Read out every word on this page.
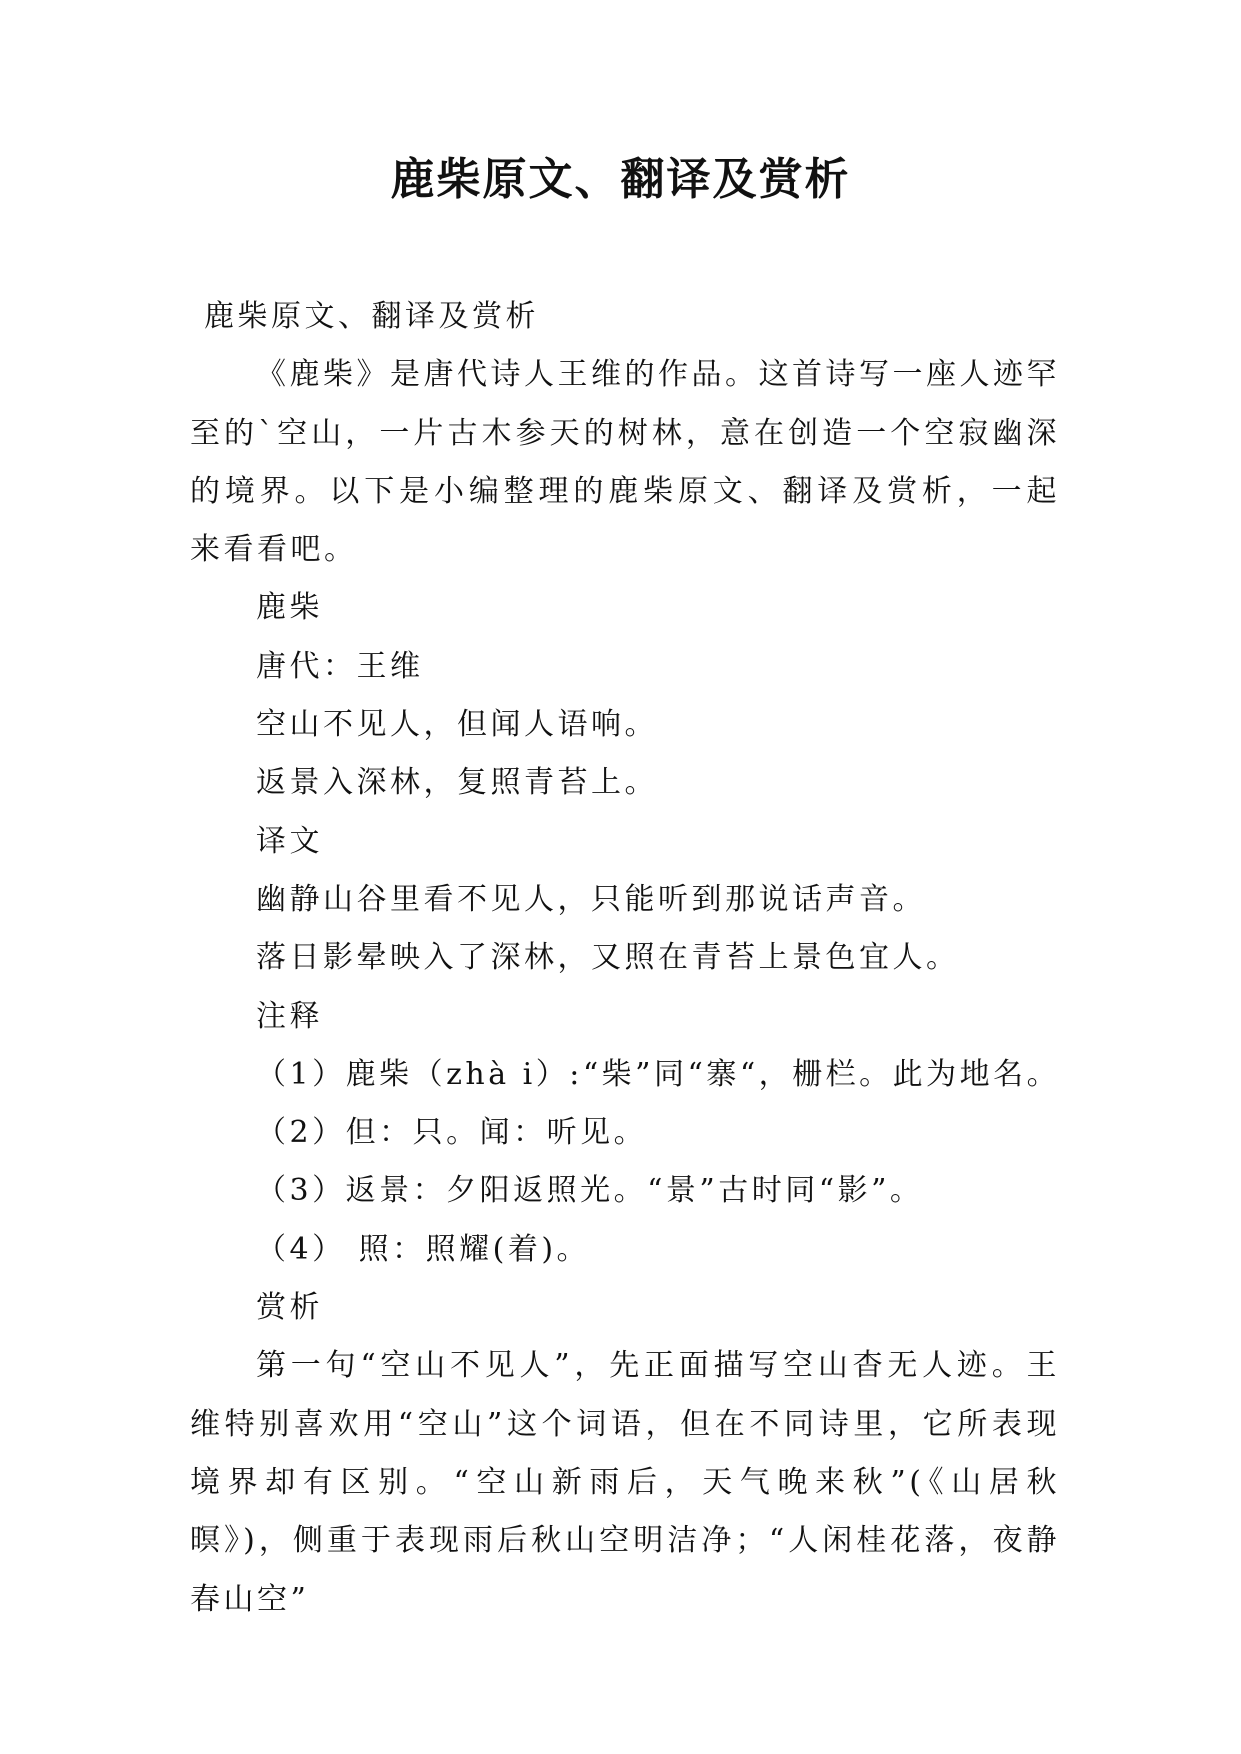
鹿柴原文、翻译及赏析

鹿柴原文、翻译及赏析

《鹿柴》是唐代诗人王维的作品。这首诗写一座人迹罕至的`空山，一片古木参天的树林，意在创造一个空寂幽深的境界。以下是小编整理的鹿柴原文、翻译及赏析，一起来看看吧。

鹿柴

唐代：王维

空山不见人，但闻人语响。

返景入深林，复照青苔上。

译文

幽静山谷里看不见人，只能听到那说话声音。

落日影晕映入了深林，又照在青苔上景色宜人。

注释

（1）鹿柴（zhà i）:“柴”同“寨“，栅栏。此为地名。

（2）但：只。闻：听见。

（3）返景：夕阳返照光。“景”古时同“影”。

（4） 照：照耀(着)。

赏析

第一句“空山不见人”，先正面描写空山杳无人迹。王维特别喜欢用“空山”这个词语，但在不同诗里，它所表现境界却有区别。“空山新雨后，天气晚来秋”(《山居秋暝》)，侧重于表现雨后秋山空明洁净；“人闲桂花落，夜静春山空”
